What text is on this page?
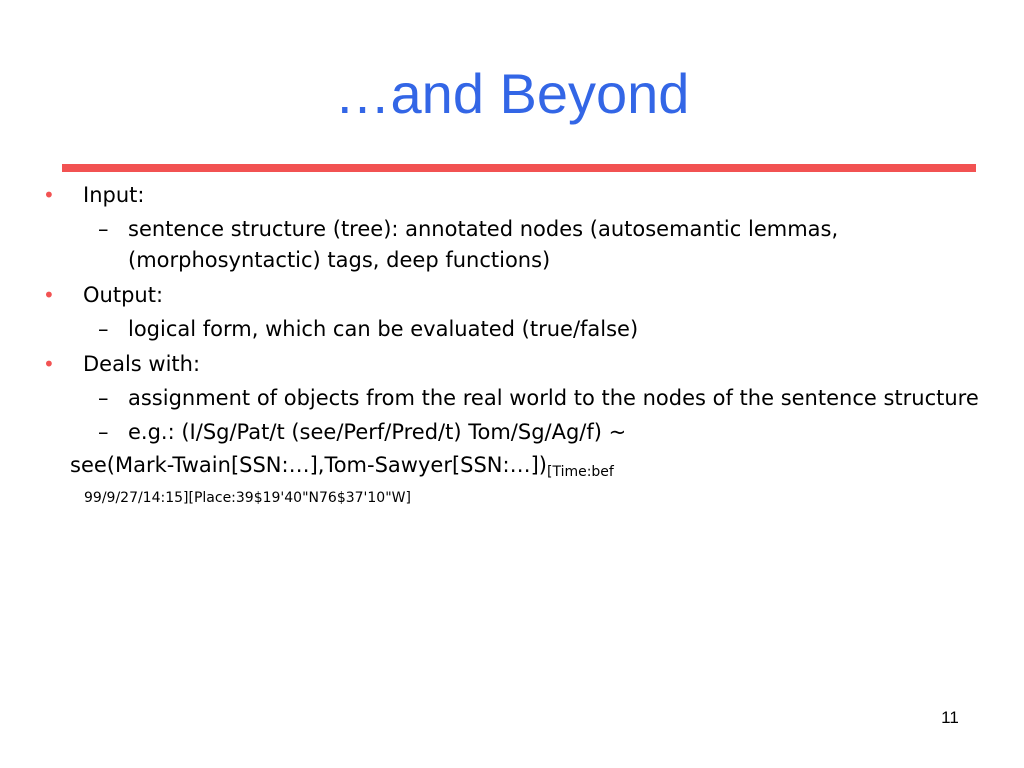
…and Beyond
• Input:
– sentence structure (tree): annotated nodes (autosemantic lemmas, (morphosyntactic) tags, deep functions)
• Output:
– logical form, which can be evaluated (true/false)
• Deals with:
– assignment of objects from the real world to the nodes of the sentence structure
– e.g.: (I/Sg/Pat/t (see/Perf/Pred/t) Tom/Sg/Ag/f) ~
$see(Mark-Twain[SSN:\dots],Tom-Sawyer[SSN:\dots])_{[Time:bef}$
99/9/27/14:15][Place:39$19'40"N76$37'10"W]
11
